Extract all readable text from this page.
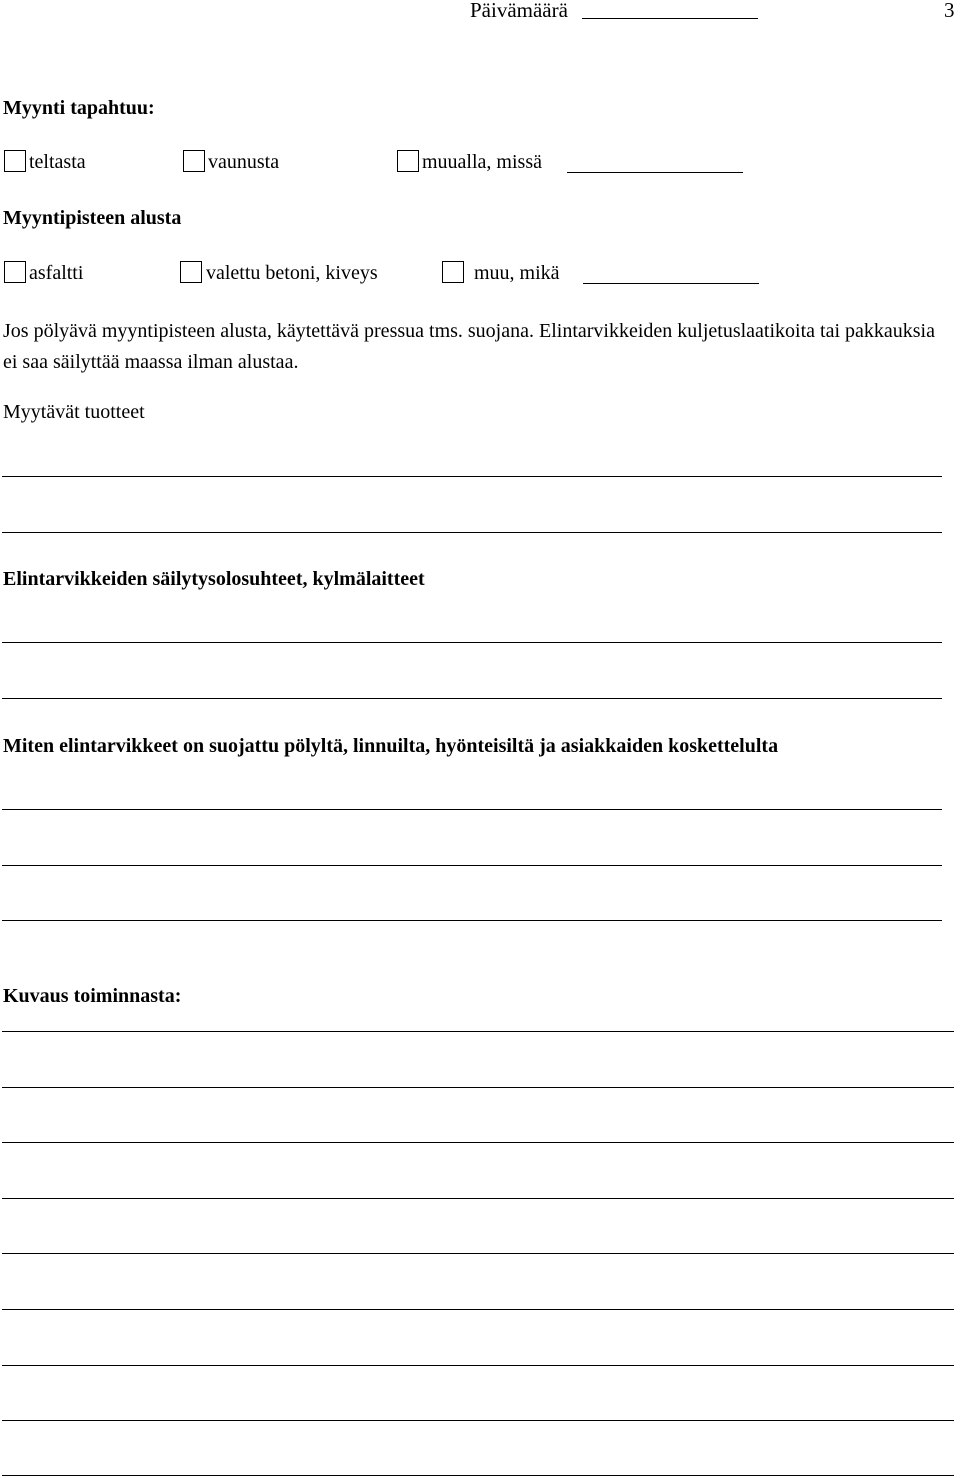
Päivämäärä	3
Myynti tapahtuu:
teltasta	vaunusta	muualla, missä
Myyntipisteen alusta
asfaltti	valettu betoni, kiveys	muu, mikä
Jos pölyävä myyntipisteen alusta, käytettävä pressua tms. suojana. Elintarvikkeiden kuljetuslaatikoita tai pakkauksia ei saa säilyttää maassa ilman alustaa.
Myytävät tuotteet
Elintarvikkeiden säilytysolosuhteet, kylmälaitteet
Miten elintarvikkeet on suojattu pölyltä, linnuilta, hyönteisiltä ja asiakkaiden koskettelulta
Kuvaus toiminnasta:
